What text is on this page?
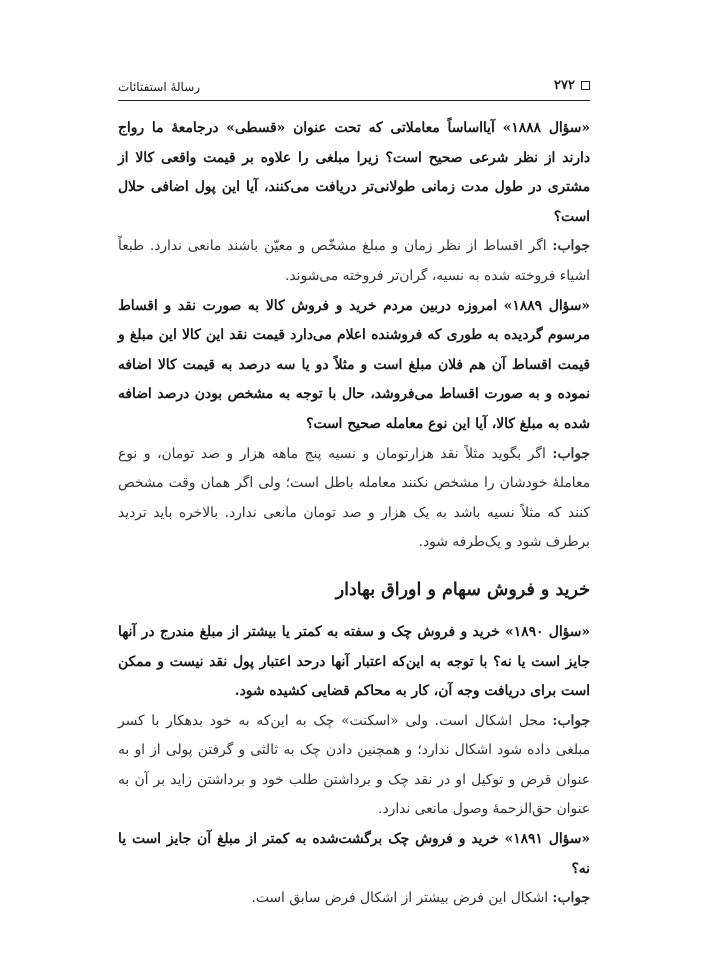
۲۷۲
رسالهٔ استفتائات

«سؤال ۱۸۸۸» آیااساساً معاملاتی که تحت عنوان «قسطی» درجامعهٔ ما رواج دارند از نظر شرعی صحیح است؟ زیرا مبلغی را علاوه بر قیمت واقعی کالا از مشتری در طول مدت زمانی طولانی‌تر دریافت می‌کنند، آیا این پول اضافی حلال است؟

جواب: اگر اقساط از نظر زمان و مبلغ مشخّص و معیّن باشند مانعی ندارد. طبعاً اشیاء فروخته شده به نسیه، گران‌تر فروخته می‌شوند.

«سؤال ۱۸۸۹» امروزه دربین مردم خرید و فروش کالا به صورت نقد و اقساط مرسوم گردیده به طوری که فروشنده اعلام می‌دارد قیمت نقد این کالا این مبلغ و قیمت اقساط آن هم فلان مبلغ است و مثلاً دو یا سه درصد به قیمت کالا اضافه نموده و به صورت اقساط می‌فروشد، حال با توجه به مشخص بودن درصد اضافه شده به مبلغ کالا، آیا این نوع معامله صحیح است؟

جواب: اگر بگوید مثلاً نقد هزارتومان و نسیه پنج ماهه هزار و صد تومان، و نوع معاملهٔ خودشان را مشخص نکنند معامله باطل است؛ ولی اگر همان وقت مشخص کنند که مثلاً نسیه باشد به یک هزار و صد تومان مانعی ندارد. بالاخره باید تردید برطرف شود و یک‌طرفه شود.

خرید و فروش سهام و اوراق بهادار

«سؤال ۱۸۹۰» خرید و فروش چک و سفته به کمتر یا بیشتر از مبلغ مندرج در آنها جایز است یا نه؟ با توجه به این‌که اعتبار آنها درحد اعتبار پول نقد نیست و ممکن است برای دریافت وجه آن، کار به محاکم قضایی کشیده شود.

جواب: محل اشکال است. ولی «اسکنت» چک به این‌که به خود بدهکار با کسر مبلغی داده شود اشکال ندارد؛ و همچنین دادن چک به ثالثی و گرفتن پولی از او به عنوان قرض و توکیل او در نقد چک و برداشتن طلب خود و برداشتن زاید بر آن به عنوان حق‌الزحمهٔ وصول مانعی ندارد.

«سؤال ۱۸۹۱» خرید و فروش چک برگشت‌شده به کمتر از مبلغ آن جایز است یا نه؟

جواب: اشکال این فرض بیشتر از اشکال فرض سابق است.
